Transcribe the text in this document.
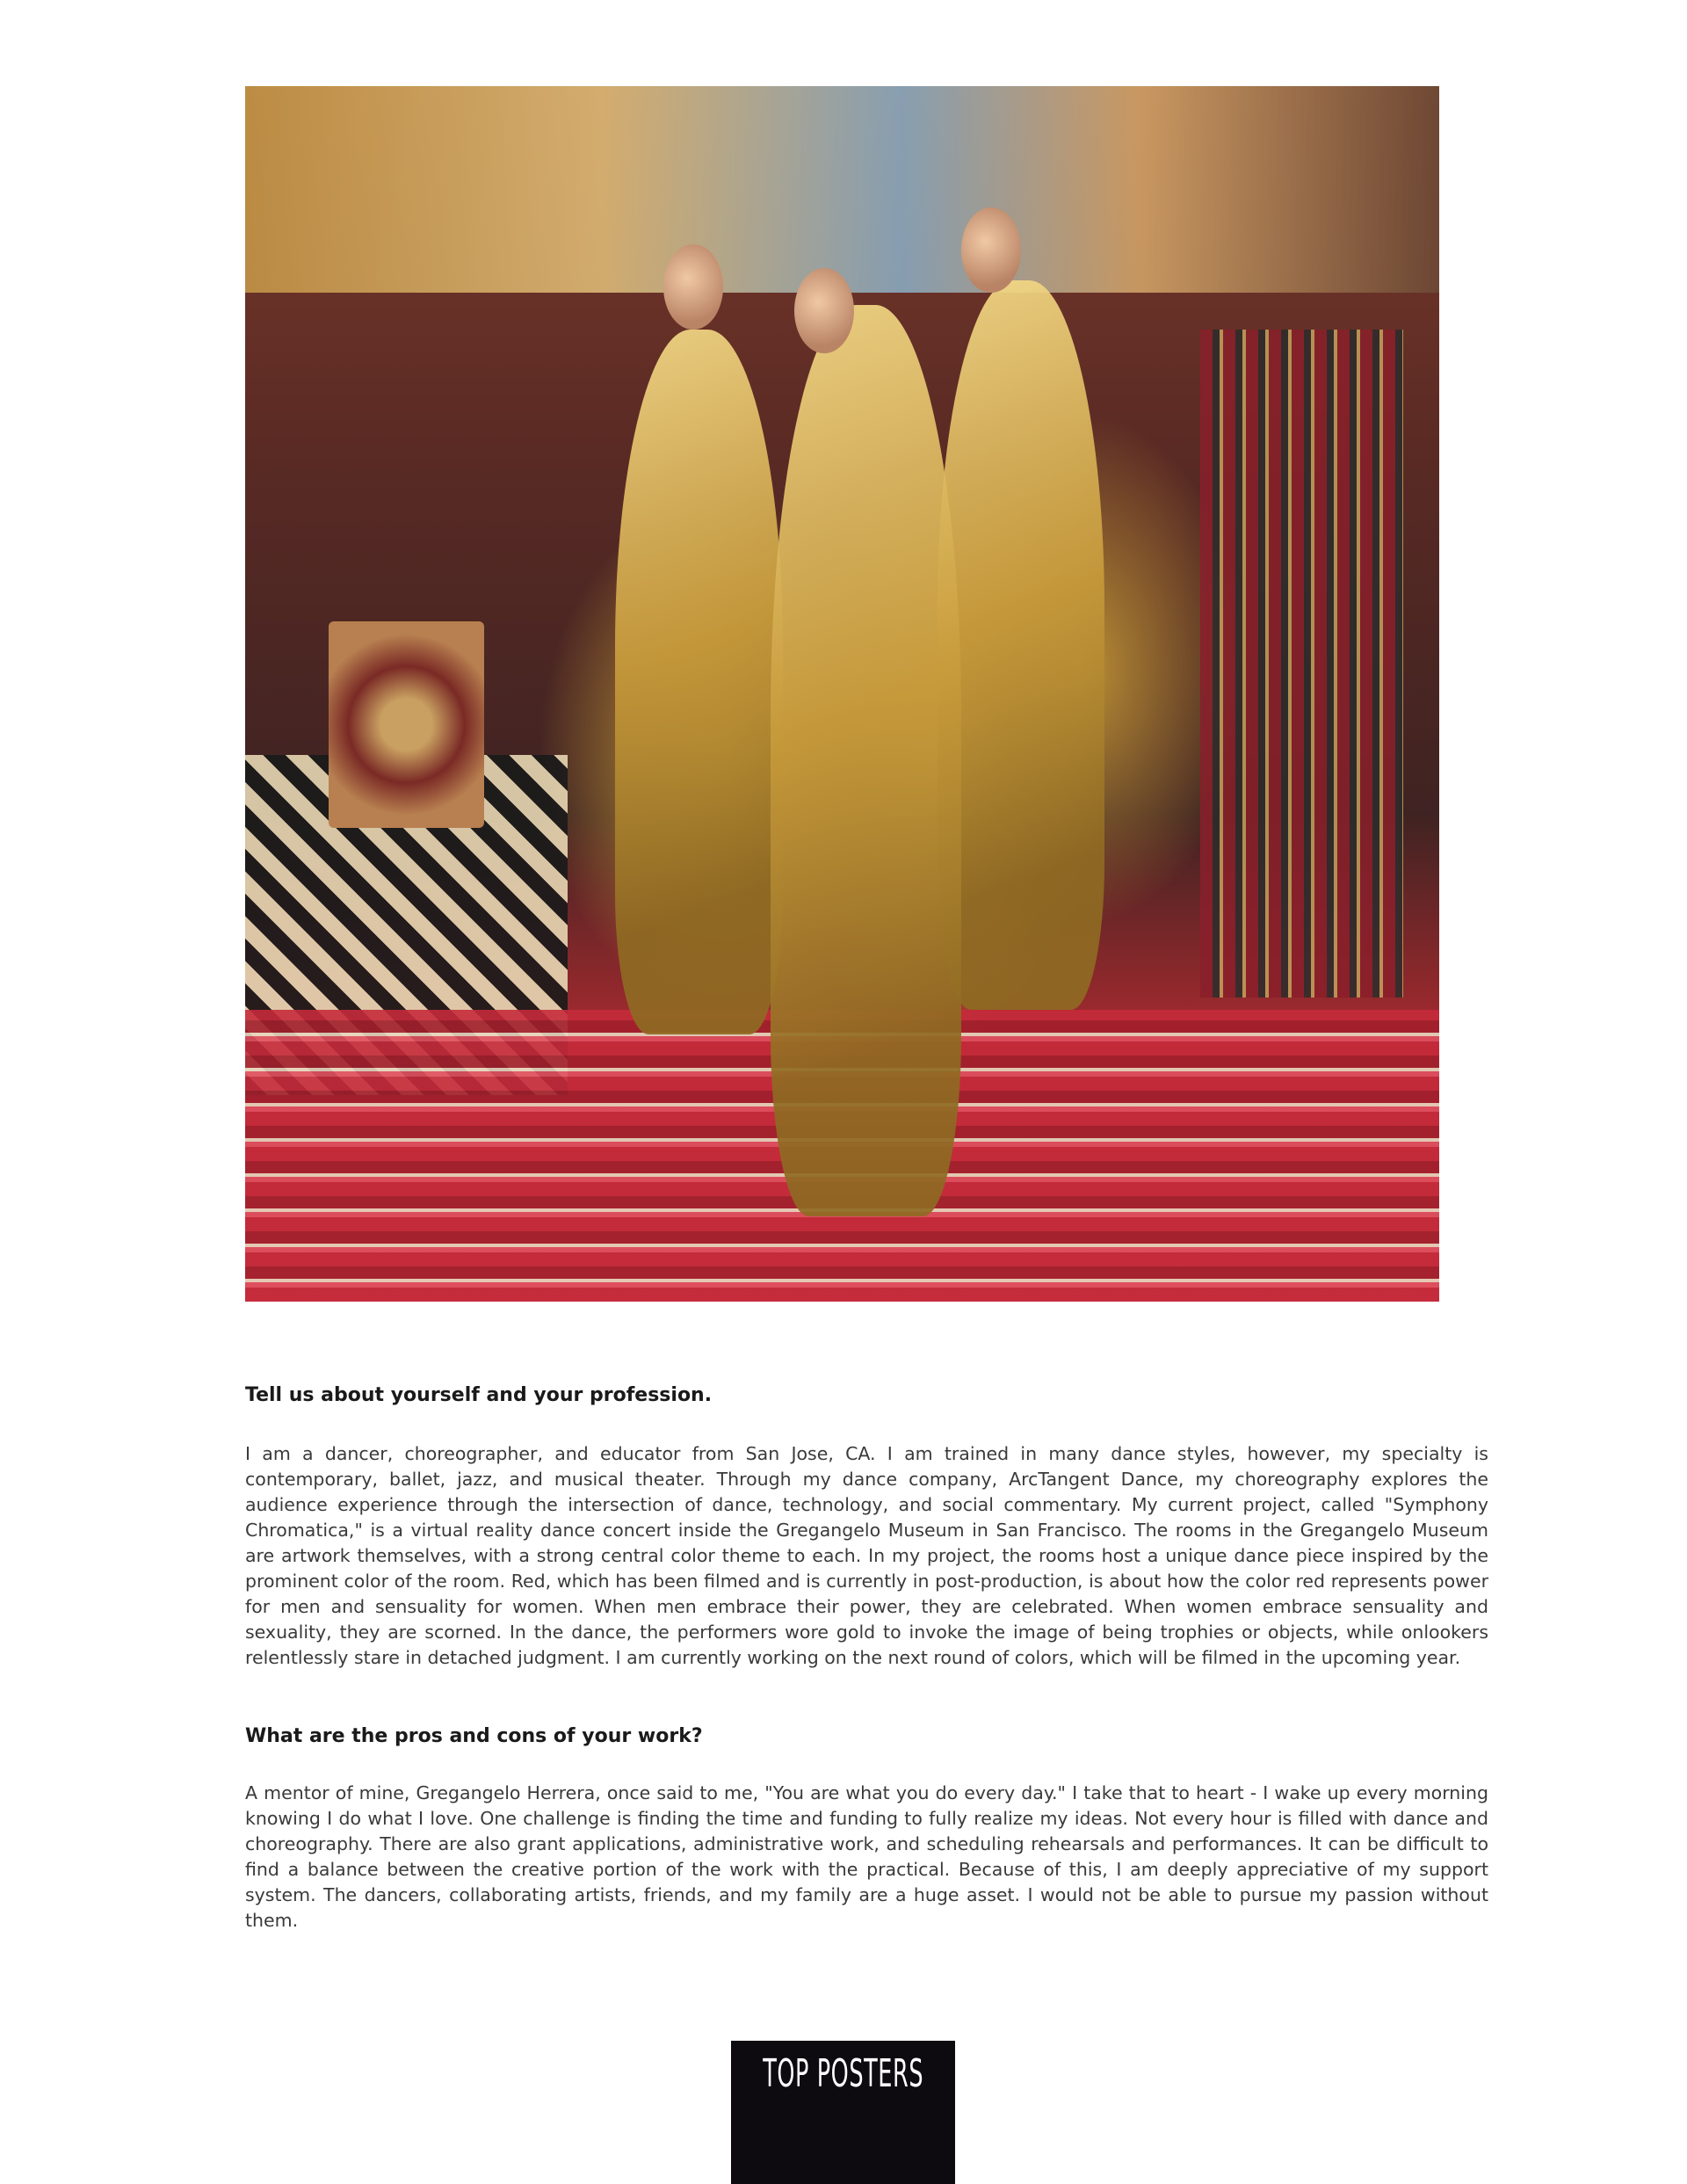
Tell us about yourself and your profession.

I am a dancer, choreographer, and educator from San Jose, CA. I am trained in many dance styles, however, my specialty is contemporary, ballet, jazz, and musical theater. Through my dance company, ArcTangent Dance, my choreography explores the audience experience through the intersection of dance, technology, and social commentary. My current project, called "Symphony Chromatica," is a virtual reality dance concert inside the Gregangelo Museum in San Francisco. The rooms in the Gregangelo Museum are artwork themselves, with a strong central color theme to each. In my project, the rooms host a unique dance piece inspired by the prominent color of the room. Red, which has been filmed and is currently in post-production, is about how the color red represents power for men and sensuality for women. When men embrace their power, they are celebrated. When women embrace sensuality and sexuality, they are scorned. In the dance, the performers wore gold to invoke the image of being trophies or objects, while onlookers relentlessly stare in detached judgment. I am currently working on the next round of colors, which will be filmed in the upcoming year.

What are the pros and cons of your work?

A mentor of mine, Gregangelo Herrera, once said to me, "You are what you do every day." I take that to heart - I wake up every morning knowing I do what I love. One challenge is finding the time and funding to fully realize my ideas. Not every hour is filled with dance and choreography. There are also grant applications, administrative work, and scheduling rehearsals and performances. It can be difficult to find a balance between the creative portion of the work with the practical. Because of this, I am deeply appreciative of my support system. The dancers, collaborating artists, friends, and my family are a huge asset. I would not be able to pursue my passion without them.

TOP POSTERS
